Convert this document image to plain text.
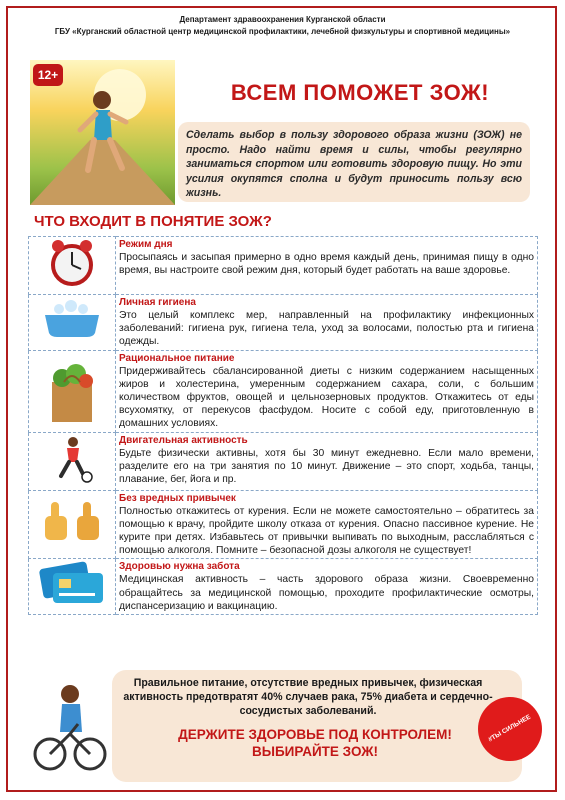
Департамент здравоохранения Курганской области
ГБУ «Курганский областной центр медицинской профилактики, лечебной физкультуры и спортивной медицины»
12+
ВСЕМ ПОМОЖЕТ ЗОЖ!
Сделать выбор в пользу здорового образа жизни (ЗОЖ) не просто. Надо найти время и силы, чтобы регулярно заниматься спортом или готовить здоровую пищу. Но эти усилия окупятся сполна и будут приносить пользу всю жизнь.
ЧТО ВХОДИТ В ПОНЯТИЕ ЗОЖ?

Режим дня
Просыпаясь и засыпая примерно в одно время каждый день, принимая пищу в одно время, вы настроите свой режим дня, который будет работать на ваше здоровье.

Личная гигиена
Это целый комплекс мер, направленный на профилактику инфекционных заболеваний: гигиена рук, гигиена тела, уход за волосами, полостью рта и гигиена одежды.

Рациональное питание
Придерживайтесь сбалансированной диеты с низким содержанием насыщенных жиров и холестерина, умеренным содержанием сахара, соли, с большим количеством фруктов, овощей и цельнозерновых продуктов. Откажитесь от еды всухомятку, от перекусов фасфудом. Носите с собой еду, приготовленную в домашних условиях.

Двигательная активность
Будьте физически активны, хотя бы 30 минут ежедневно. Если мало времени, разделите его на три занятия по 10 минут. Движение – это спорт, ходьба, танцы, плавание, бег, йога и пр.

Без вредных привычек
Полностью откажитесь от курения. Если не можете самостоятельно – обратитесь за помощью к врачу, пройдите школу отказа от курения. Опасно пассивное курение. Не курите при детях. Избавьтесь от привычки выпивать по выходным, расслабляться с помощью алкоголя. Помните – безопасной дозы алкоголя не существует!

Здоровью нужна забота
Медицинская активность – часть здорового образа жизни. Своевременно обращайтесь за медицинской помощью, проходите профилактические осмотры, диспансеризацию и вакцинацию.
Правильное питание, отсутствие вредных привычек, физическая активность предотвратят 40% случаев рака, 75% диабета и сердечно-сосудистых заболеваний.
ДЕРЖИТЕ ЗДОРОВЬЕ ПОД КОНТРОЛЕМ! ВЫБИРАЙТЕ ЗОЖ!
#ТЫ СИЛЬНЕЕ
